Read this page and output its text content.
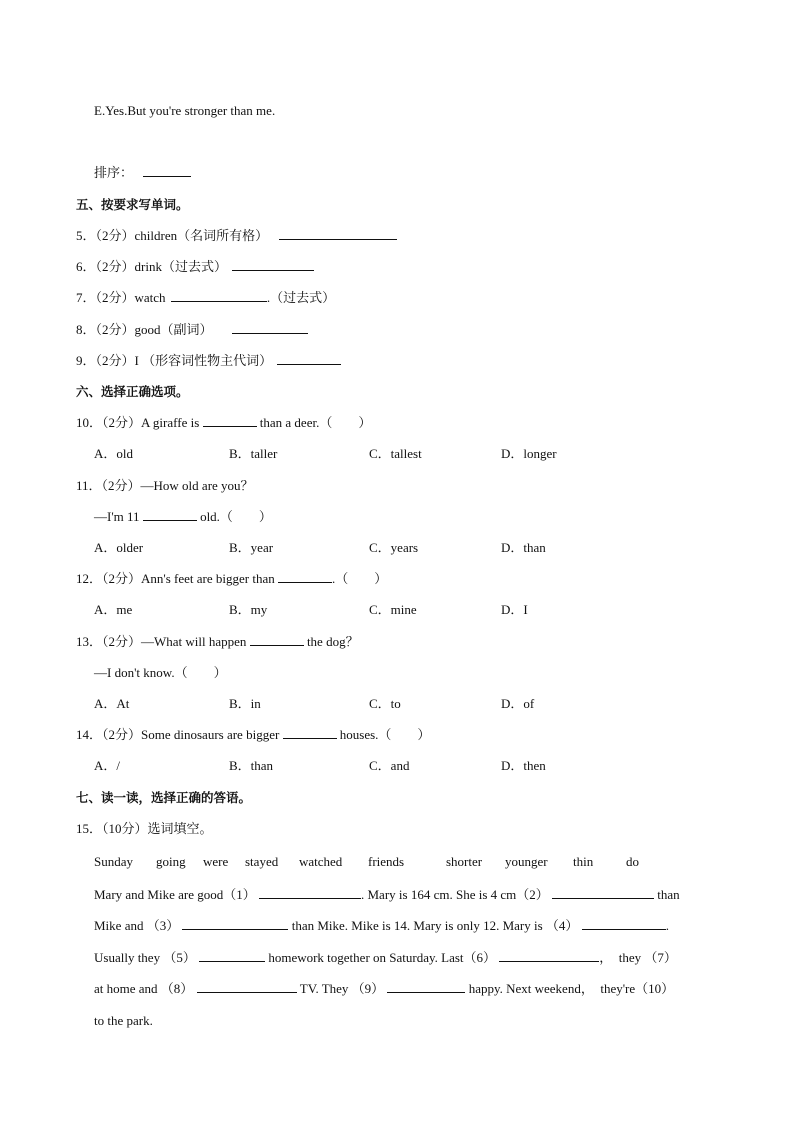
E.Yes.But you're stronger than me.
排序：
五、按要求写单词。
5．（2分）children（名词所有格）
6．（2分）drink（过去式）
7．（2分）watch	.（过去式）
8．（2分）good（副词）
9．（2分）I （形容词性物主代词）
六、选择正确选项。
10．（2分）A giraffe is	than a deer.（　　）
A．old	B．taller	C．tallest	D．longer
11．（2分）—How old are you？
—I'm 11	old.（　　）
A．older	B．year	C．years	D．than
12．（2分）Ann's feet are bigger than	.（　　）
A．me	B．my	C．mine	D．I
13．（2分）—What will happen	the dog？
—I don't know.（　　）
A．At	B．in	C．to	D．of
14．（2分）Some dinosaurs are bigger	houses.（　　）
A．/	B．than	C．and	D．then
七、读一读，选择正确的答语。
15．（10分）选词填空。
Sunday going were stayed watched friends	shorter younger thin	do
Mary and Mike are good（1）	. Mary is 164 cm. She is 4 cm（2）	than
Mike and （3）	than Mike. Mike is 14. Mary is only 12. Mary is （4）	.
Usually they （5）	homework together on Saturday. Last（6）	，　they （7）
at home and （8）	TV. They （9）	happy. Next weekend，　they're（10）
to the park.
